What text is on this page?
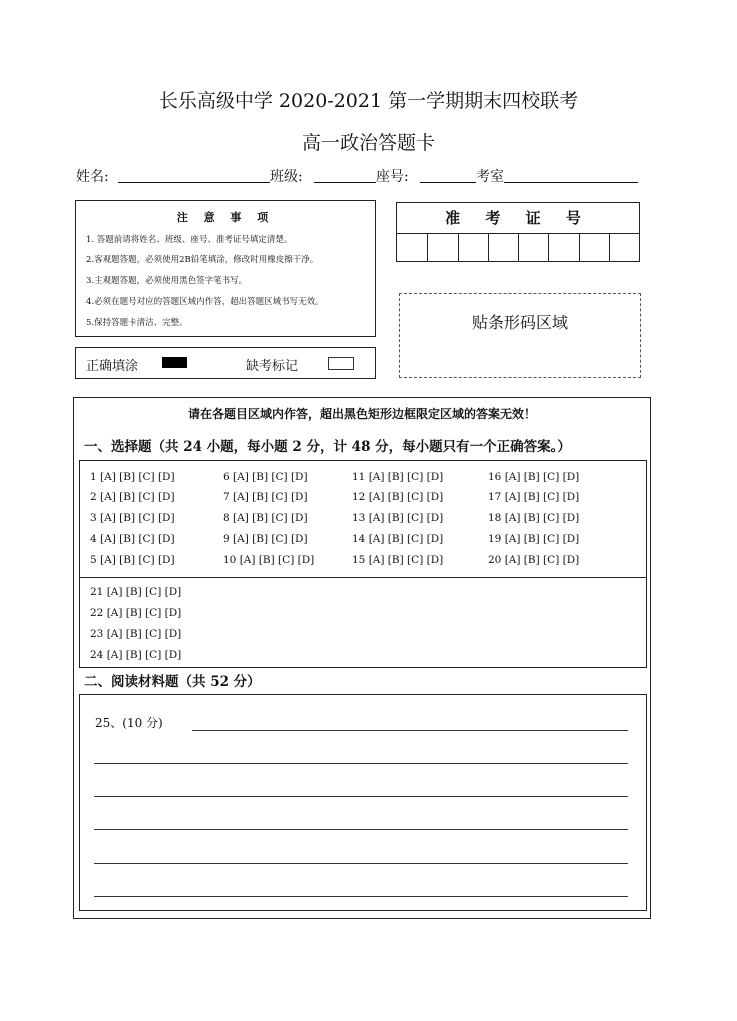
长乐高级中学 2020-2021 第一学期期末四校联考
高一政治答题卡
姓名:	班级:	座号:	考室
注 意 事 项
1. 答题前请将姓名、班级、座号、准考证号填定清楚。
2.客观题答题，必须使用2B铅笔填涂，修改时用橡皮擦干净。
3.主观题答题，必须使用黑色签字笔书写。
4.必须在题号对应的答题区域内作答，超出答题区域书写无效。
5.保持答题卡清洁、完整。
正确填涂	缺考标记
准 考 证 号
贴条形码区域
请在各题目区域内作答，超出黑色矩形边框限定区域的答案无效！
一、选择题（共 24 小题，每小题 2 分，计 48 分，每小题只有一个正确答案。）
1 [A] [B] [C] [D]
2 [A] [B] [C] [D]
3 [A] [B] [C] [D]
4 [A] [B] [C] [D]
5 [A] [B] [C] [D]
6 [A] [B] [C] [D]
7 [A] [B] [C] [D]
8 [A] [B] [C] [D]
9 [A] [B] [C] [D]
10 [A] [B] [C] [D]
11 [A] [B] [C] [D]
12 [A] [B] [C] [D]
13 [A] [B] [C] [D]
14 [A] [B] [C] [D]
15 [A] [B] [C] [D]
16 [A] [B] [C] [D]
17 [A] [B] [C] [D]
18 [A] [B] [C] [D]
19 [A] [B] [C] [D]
20 [A] [B] [C] [D]
21 [A] [B] [C] [D]
22 [A] [B] [C] [D]
23 [A] [B] [C] [D]
24 [A] [B] [C] [D]
二、阅读材料题（共 52 分）
25、(10 分)
